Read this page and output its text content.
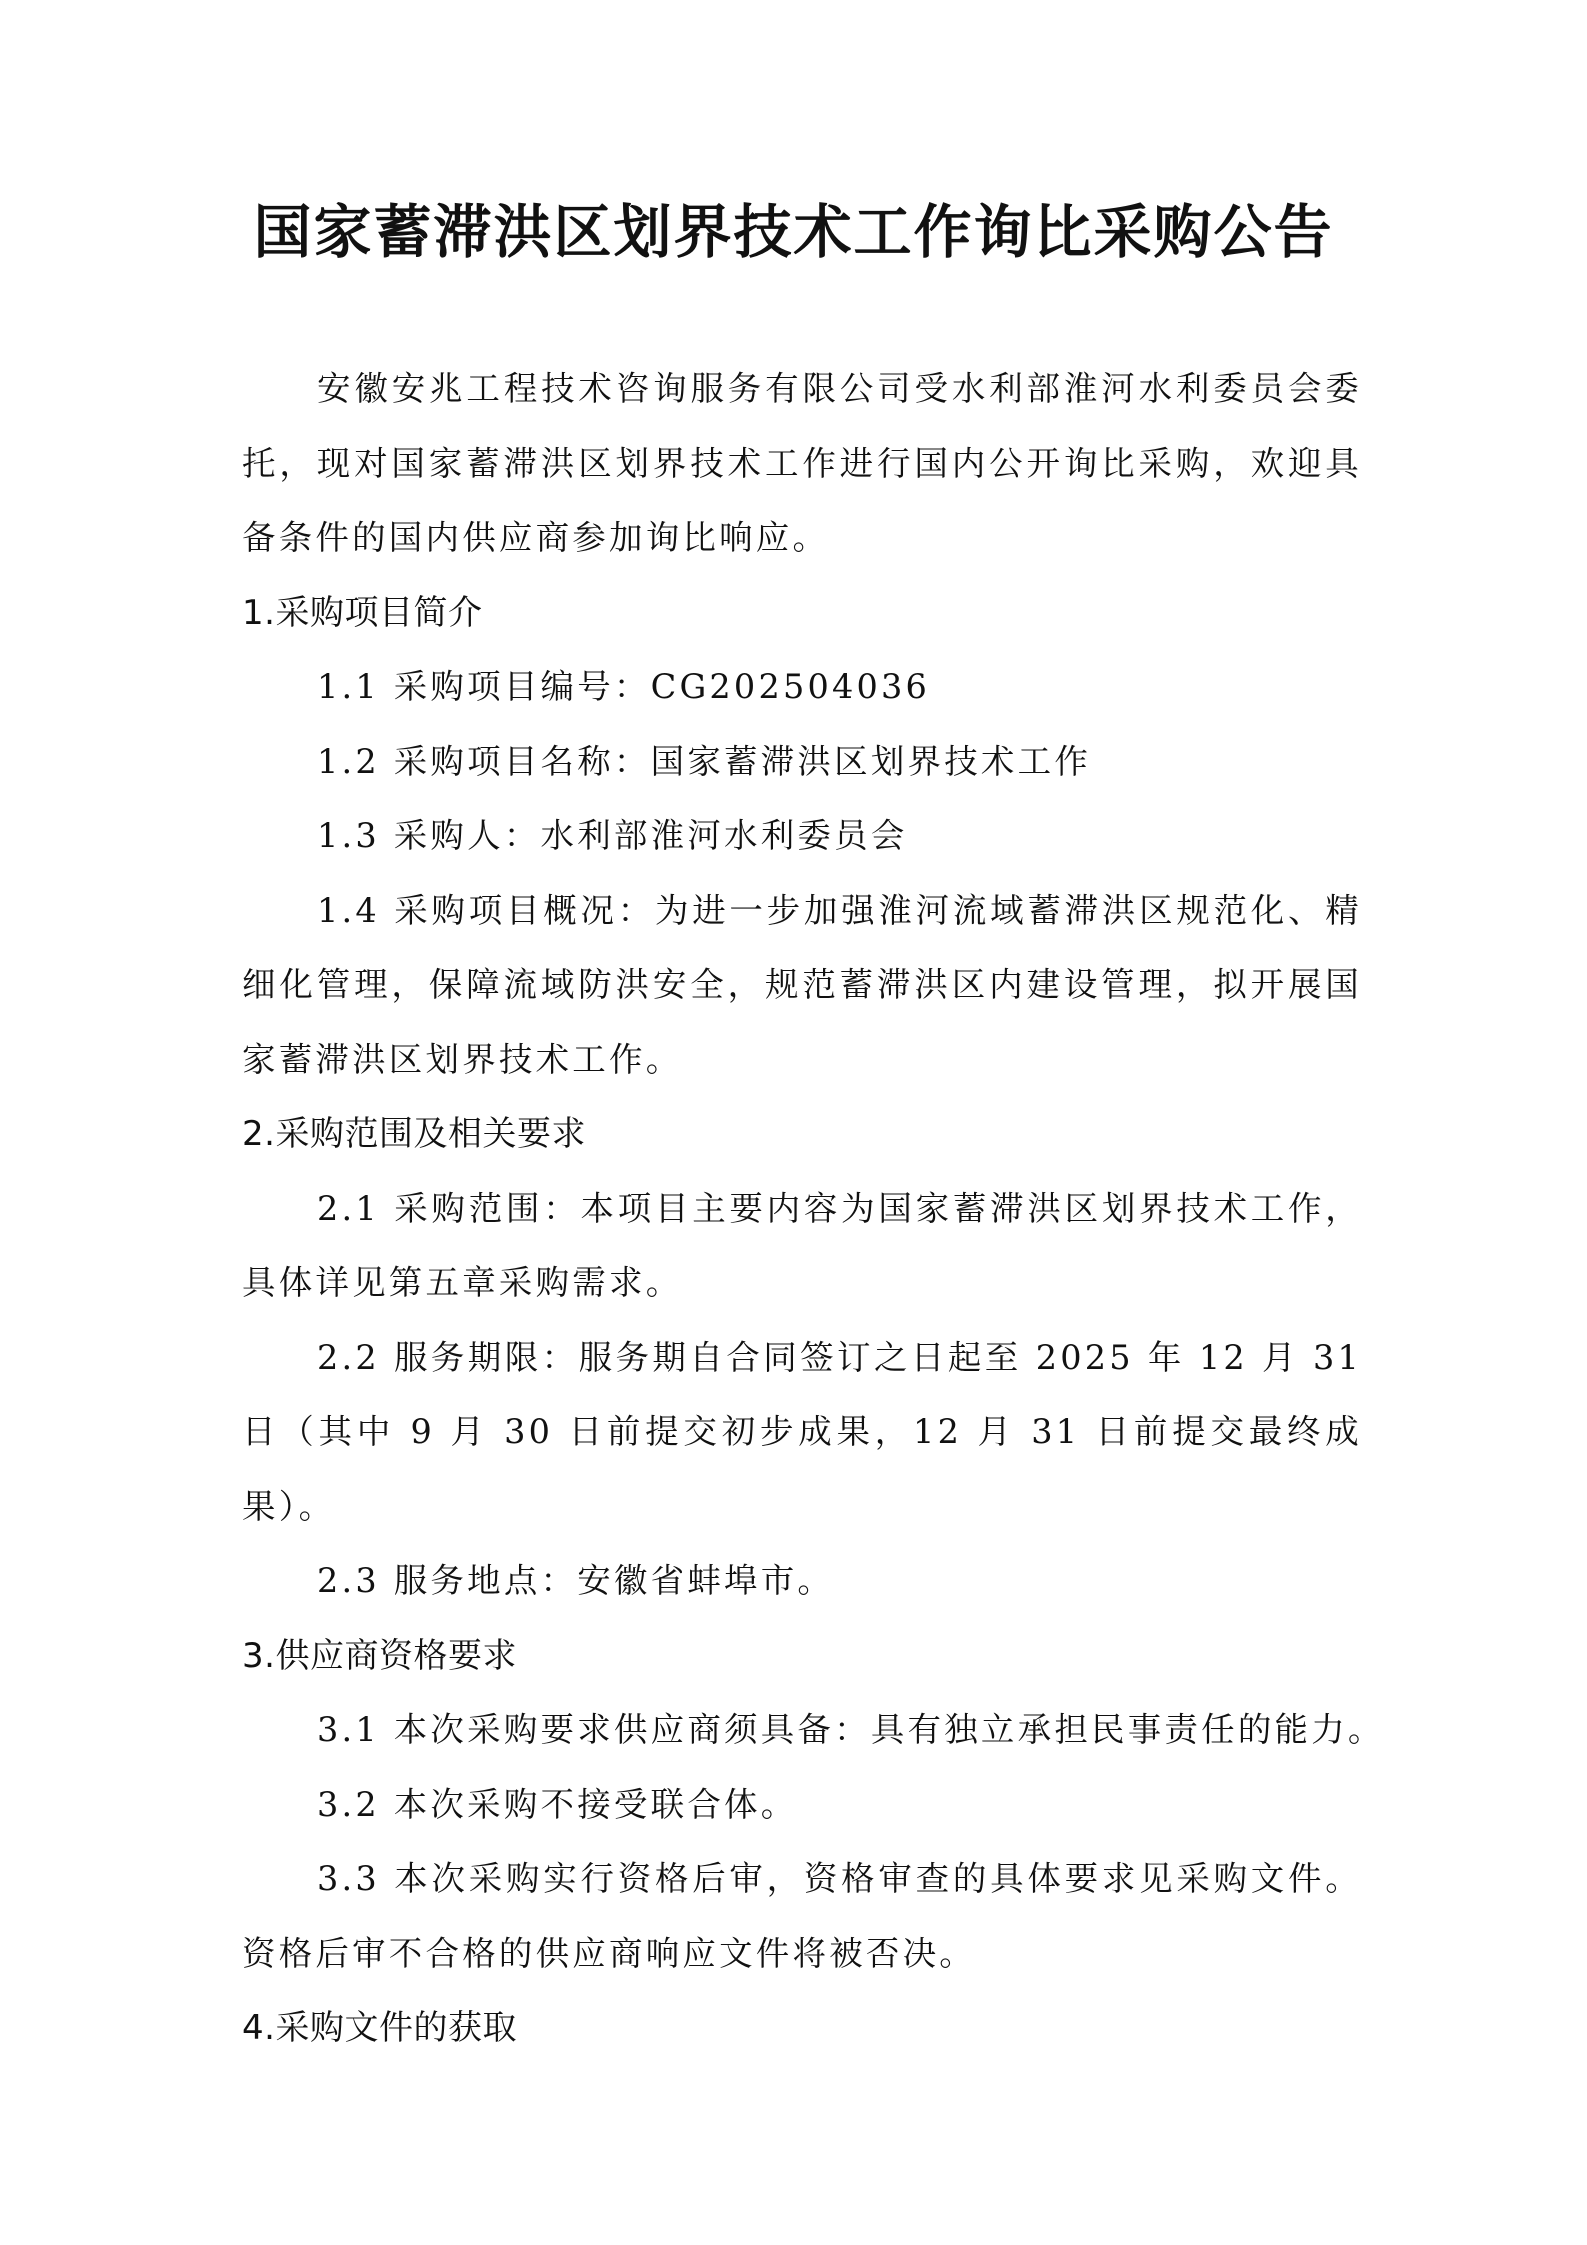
国家蓄滞洪区划界技术工作询比采购公告

安徽安兆工程技术咨询服务有限公司受水利部淮河水利委员会委托，现对国家蓄滞洪区划界技术工作进行国内公开询比采购，欢迎具备条件的国内供应商参加询比响应。

1.采购项目简介

1.1 采购项目编号：CG202504036

1.2 采购项目名称：国家蓄滞洪区划界技术工作

1.3 采购人：水利部淮河水利委员会

1.4 采购项目概况：为进一步加强淮河流域蓄滞洪区规范化、精细化管理，保障流域防洪安全，规范蓄滞洪区内建设管理，拟开展国家蓄滞洪区划界技术工作。

2.采购范围及相关要求

2.1 采购范围：本项目主要内容为国家蓄滞洪区划界技术工作，具体详见第五章采购需求。

2.2 服务期限：服务期自合同签订之日起至 2025 年 12 月 31 日（其中 9 月 30 日前提交初步成果，12 月 31 日前提交最终成果）。

2.3 服务地点：安徽省蚌埠市。

3.供应商资格要求

3.1 本次采购要求供应商须具备：具有独立承担民事责任的能力。

3.2 本次采购不接受联合体。

3.3 本次采购实行资格后审，资格审查的具体要求见采购文件。资格后审不合格的供应商响应文件将被否决。

4.采购文件的获取
